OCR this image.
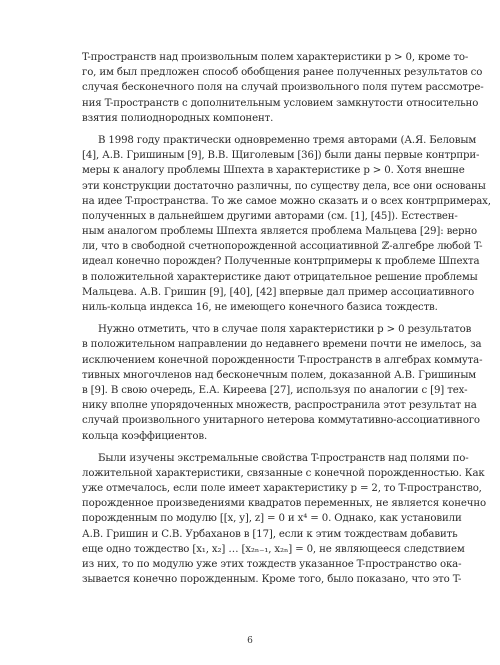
T-пространств над произвольным полем характеристики p > 0, кроме то-
го, им был предложен способ обобщения ранее полученных результатов со
случая бесконечного поля на случай произвольного поля путем рассмотре-
ния T-пространств с дополнительным условием замкнутости относительно
взятия полиоднородных компонент.
В 1998 году практически одновременно тремя авторами (А.Я. Беловым
[4], А.В. Гришиным [9], В.В. Щиголевым [36]) были даны первые контрпри-
меры к аналогу проблемы Шпехта в характеристике p > 0. Хотя внешне
эти конструкции достаточно различны, по существу дела, все они основаны
на идее T-пространства. То же самое можно сказать и о всех контрпримерах,
полученных в дальнейшем другими авторами (см. [1], [45]). Естествен-
ным аналогом проблемы Шпехта является проблема Мальцева [29]: верно
ли, что в свободной счетнопорожденной ассоциативной ℤ-алгебре любой T-
идеал конечно порожден? Полученные контрпримеры к проблеме Шпехта
в положительной характеристике дают отрицательное решение проблемы
Мальцева. А.В. Гришин [9], [40], [42] впервые дал пример ассоциативного
ниль-кольца индекса 16, не имеющего конечного базиса тождеств.
Нужно отметить, что в случае поля характеристики p > 0 результатов
в положительном направлении до недавнего времени почти не имелось, за
исключением конечной порожденности T-пространств в алгебрах коммута-
тивных многочленов над бесконечным полем, доказанной А.В. Гришиным
в [9]. В свою очередь, Е.А. Киреева [27], используя по аналогии с [9] тех-
нику вполне упорядоченных множеств, распространила этот результат на
случай произвольного унитарного нетерова коммутативно-ассоциативного
кольца коэффициентов.
Были изучены экстремальные свойства T-пространств над полями по-
ложительной характеристики, связанные с конечной порожденностью. Как
уже отмечалось, если поле имеет характеристику p = 2, то T-пространство,
порожденное произведениями квадратов переменных, не является конечно
порожденным по модулю [[x, y], z] = 0 и x⁴ = 0. Однако, как установили
А.В. Гришин и С.В. Урбаханов в [17], если к этим тождествам добавить
еще одно тождество [x₁, x₂] … [x₂ₙ₋₁, x₂ₙ] = 0, не являющееся следствием
из них, то по модулю уже этих тождеств указанное T-пространство ока-
зывается конечно порожденным. Кроме того, было показано, что это T-
6
